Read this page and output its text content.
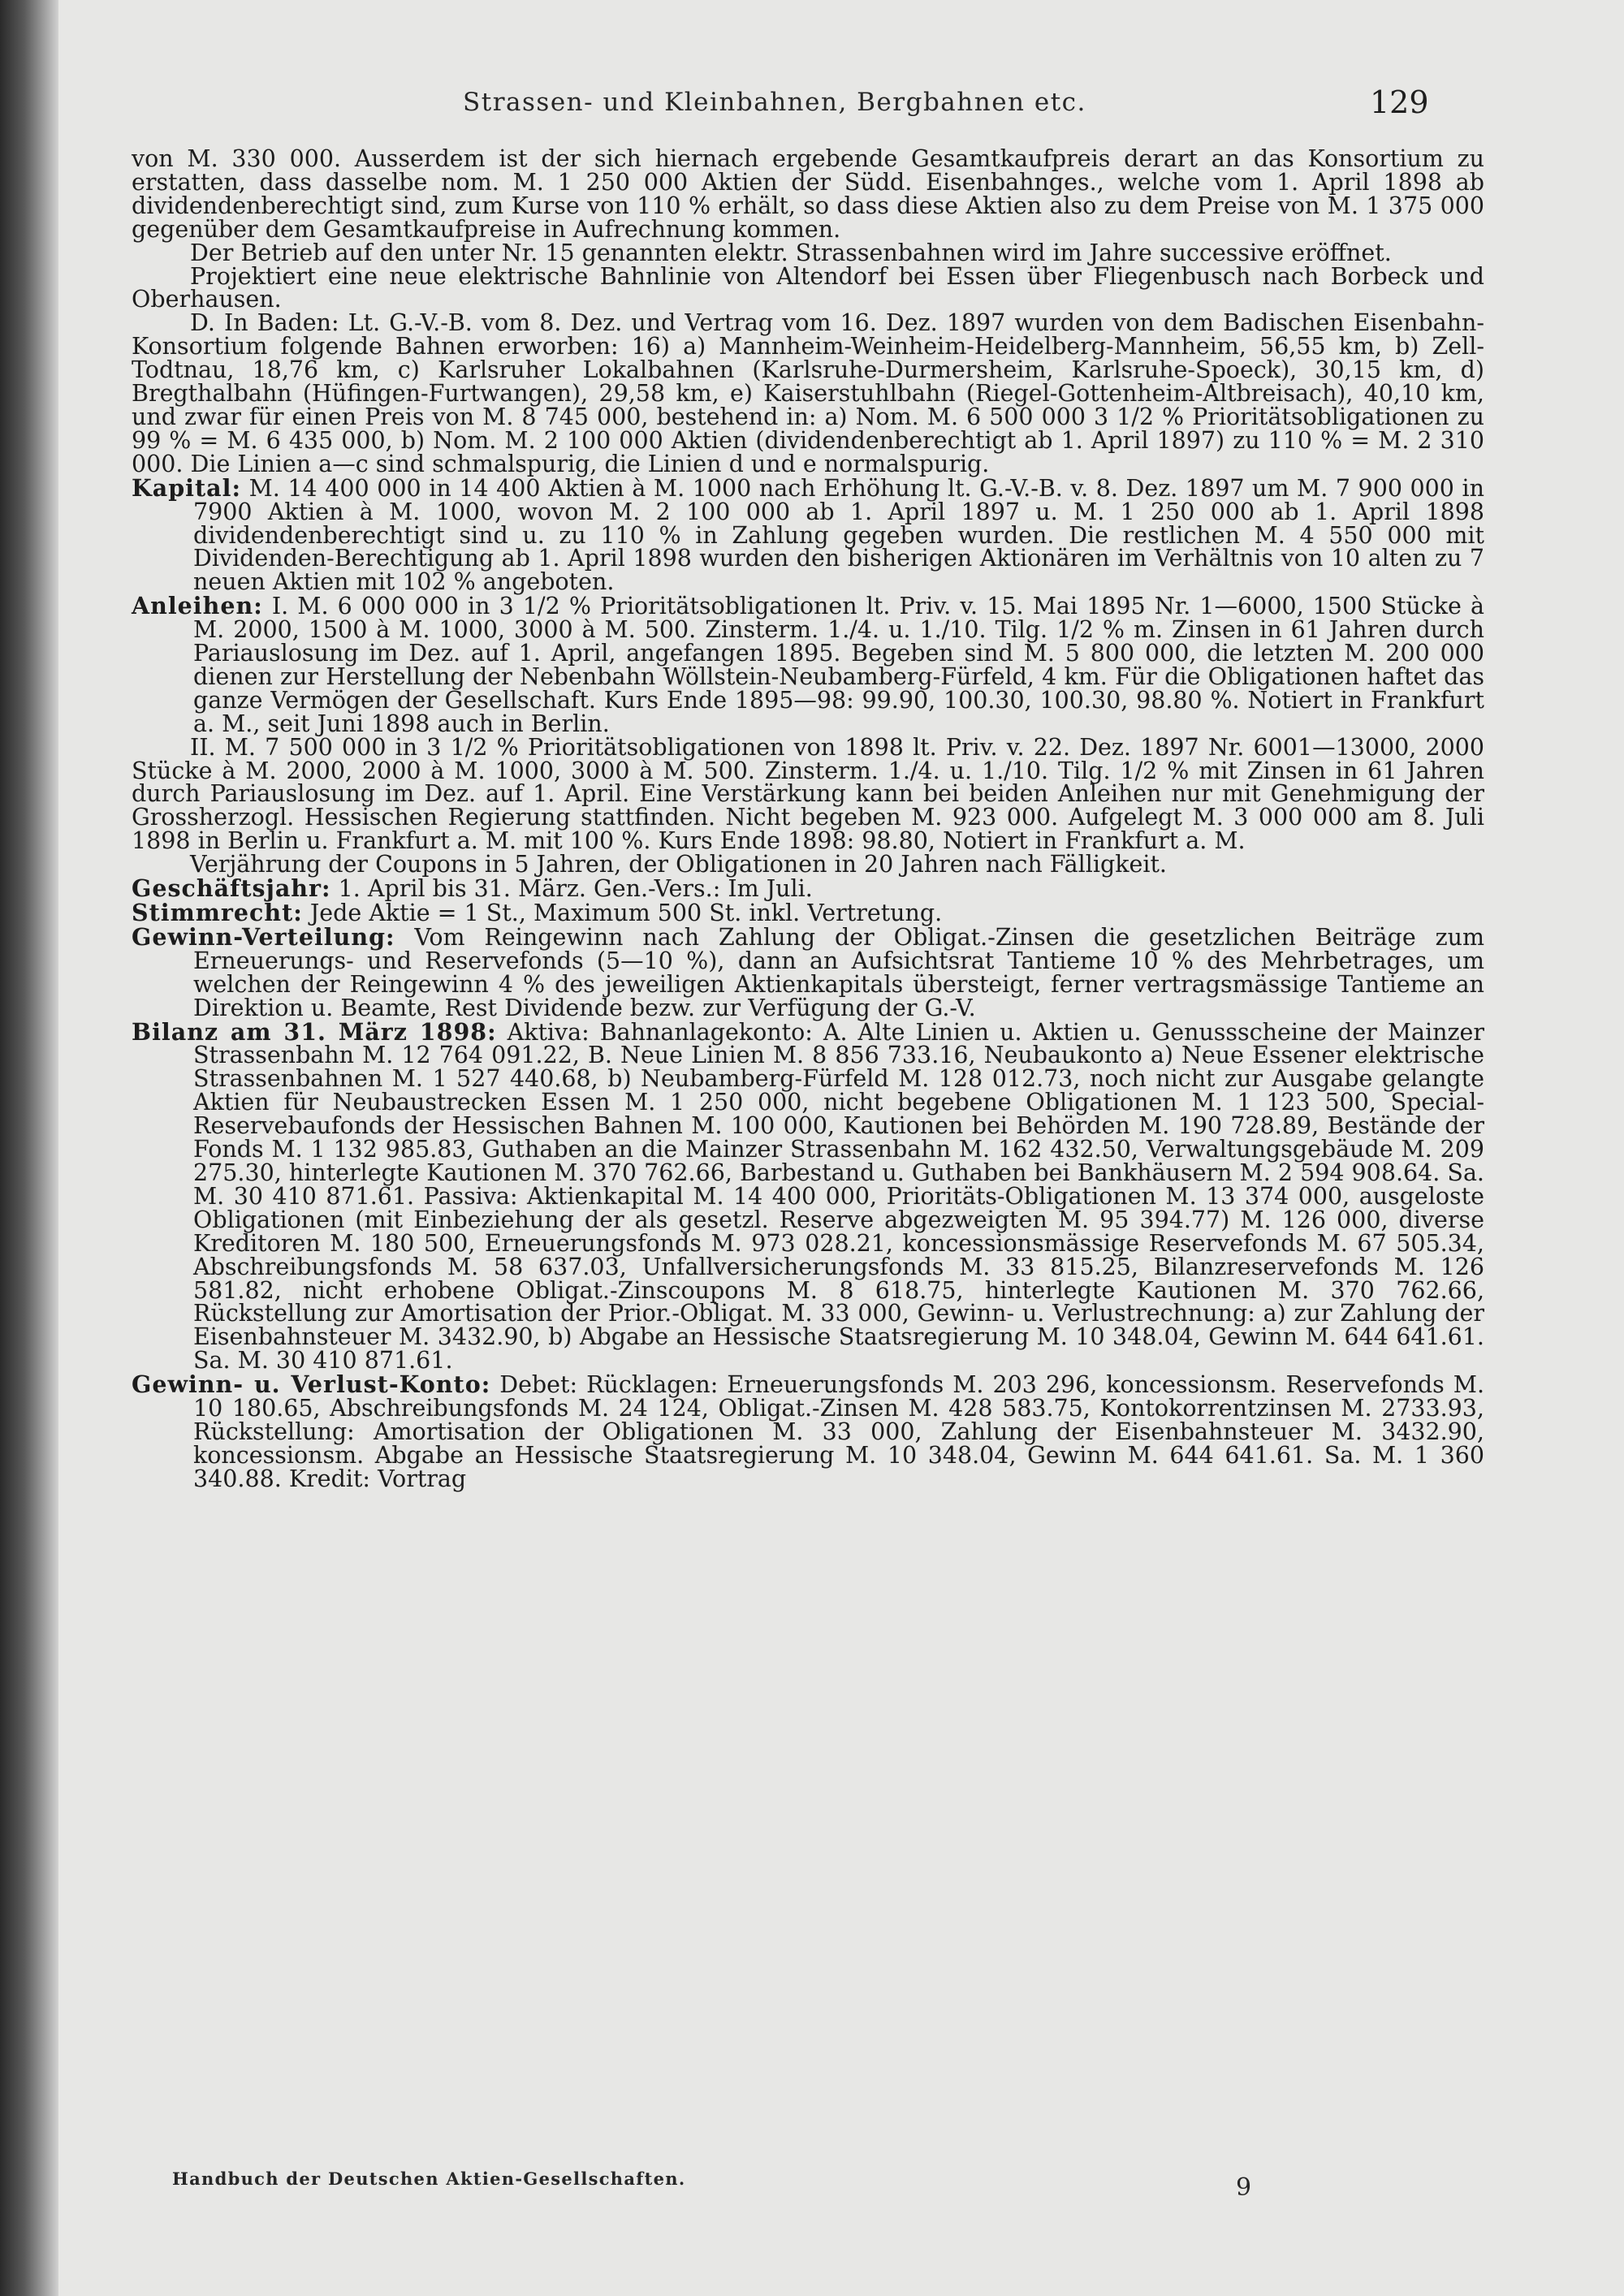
Strassen- und Kleinbahnen, Bergbahnen etc.	129

von M. 330 000. Ausserdem ist der sich hiernach ergebende Gesamtkaufpreis derart an das Konsortium zu erstatten, dass dasselbe nom. M. 1 250 000 Aktien der Südd. Eisenbahnges., welche vom 1. April 1898 ab dividendenberechtigt sind, zum Kurse von 110 % erhält, so dass diese Aktien also zu dem Preise von M. 1 375 000 gegenüber dem Gesamtkaufpreise in Aufrechnung kommen.

Der Betrieb auf den unter Nr. 15 genannten elektr. Strassenbahnen wird im Jahre successive eröffnet.

Projektiert eine neue elektrische Bahnlinie von Altendorf bei Essen über Fliegenbusch nach Borbeck und Oberhausen.

D. In Baden: Lt. G.-V.-B. vom 8. Dez. und Vertrag vom 16. Dez. 1897 wurden von dem Badischen Eisenbahn-Konsortium folgende Bahnen erworben: 16) a) Mannheim-Weinheim-Heidelberg-Mannheim, 56,55 km, b) Zell-Todtnau, 18,76 km, c) Karlsruher Lokalbahnen (Karlsruhe-Durmersheim, Karlsruhe-Spoeck), 30,15 km, d) Bregthalbahn (Hüfingen-Furtwangen), 29,58 km, e) Kaiserstuhlbahn (Riegel-Gottenheim-Altbreisach), 40,10 km, und zwar für einen Preis von M. 8 745 000, bestehend in: a) Nom. M. 6 500 000 3 1/2 % Prioritätsobligationen zu 99 % = M. 6 435 000, b) Nom. M. 2 100 000 Aktien (dividendenberechtigt ab 1. April 1897) zu 110 % = M. 2 310 000. Die Linien a—c sind schmalspurig, die Linien d und e normalspurig.

Kapital: M. 14 400 000 in 14 400 Aktien à M. 1000 nach Erhöhung lt. G.-V.-B. v. 8. Dez. 1897 um M. 7 900 000 in 7900 Aktien à M. 1000, wovon M. 2 100 000 ab 1. April 1897 u. M. 1 250 000 ab 1. April 1898 dividendenberechtigt sind u. zu 110 % in Zahlung gegeben wurden. Die restlichen M. 4 550 000 mit Dividenden-Berechtigung ab 1. April 1898 wurden den bisherigen Aktionären im Verhältnis von 10 alten zu 7 neuen Aktien mit 102 % angeboten.

Anleihen: I. M. 6 000 000 in 3 1/2 % Prioritätsobligationen lt. Priv. v. 15. Mai 1895 Nr. 1—6000, 1500 Stücke à M. 2000, 1500 à M. 1000, 3000 à M. 500. Zinsterm. 1./4. u. 1./10. Tilg. 1/2 % m. Zinsen in 61 Jahren durch Pariauslosung im Dez. auf 1. April, angefangen 1895. Begeben sind M. 5 800 000, die letzten M. 200 000 dienen zur Herstellung der Nebenbahn Wöllstein-Neubamberg-Fürfeld, 4 km. Für die Obligationen haftet das ganze Vermögen der Gesellschaft. Kurs Ende 1895—98: 99.90, 100.30, 100.30, 98.80 %. Notiert in Frankfurt a. M., seit Juni 1898 auch in Berlin.

II. M. 7 500 000 in 3 1/2 % Prioritätsobligationen von 1898 lt. Priv. v. 22. Dez. 1897 Nr. 6001—13000, 2000 Stücke à M. 2000, 2000 à M. 1000, 3000 à M. 500. Zinsterm. 1./4. u. 1./10. Tilg. 1/2 % mit Zinsen in 61 Jahren durch Pariauslosung im Dez. auf 1. April. Eine Verstärkung kann bei beiden Anleihen nur mit Genehmigung der Grossherzogl. Hessischen Regierung stattfinden. Nicht begeben M. 923 000. Aufgelegt M. 3 000 000 am 8. Juli 1898 in Berlin u. Frankfurt a. M. mit 100 %. Kurs Ende 1898: 98.80, Notiert in Frankfurt a. M.

Verjährung der Coupons in 5 Jahren, der Obligationen in 20 Jahren nach Fälligkeit.

Geschäftsjahr: 1. April bis 31. März. Gen.-Vers.: Im Juli.

Stimmrecht: Jede Aktie = 1 St., Maximum 500 St. inkl. Vertretung.

Gewinn-Verteilung: Vom Reingewinn nach Zahlung der Obligat.-Zinsen die gesetzlichen Beiträge zum Erneuerungs- und Reservefonds (5—10 %), dann an Aufsichtsrat Tantieme 10 % des Mehrbetrages, um welchen der Reingewinn 4 % des jeweiligen Aktienkapitals übersteigt, ferner vertragsmässige Tantieme an Direktion u. Beamte, Rest Dividende bezw. zur Verfügung der G.-V.

Bilanz am 31. März 1898: Aktiva: Bahnanlagekonto: A. Alte Linien u. Aktien u. Genussscheine der Mainzer Strassenbahn M. 12 764 091.22, B. Neue Linien M. 8 856 733.16, Neubaukonto a) Neue Essener elektrische Strassenbahnen M. 1 527 440.68, b) Neubamberg-Fürfeld M. 128 012.73, noch nicht zur Ausgabe gelangte Aktien für Neubaustrecken Essen M. 1 250 000, nicht begebene Obligationen M. 1 123 500, Special-Reservebaufonds der Hessischen Bahnen M. 100 000, Kautionen bei Behörden M. 190 728.89, Bestände der Fonds M. 1 132 985.83, Guthaben an die Mainzer Strassenbahn M. 162 432.50, Verwaltungsgebäude M. 209 275.30, hinterlegte Kautionen M. 370 762.66, Barbestand u. Guthaben bei Bankhäusern M. 2 594 908.64. Sa. M. 30 410 871.61. Passiva: Aktienkapital M. 14 400 000, Prioritäts-Obligationen M. 13 374 000, ausgeloste Obligationen (mit Einbeziehung der als gesetzl. Reserve abgezweigten M. 95 394.77) M. 126 000, diverse Kreditoren M. 180 500, Erneuerungsfonds M. 973 028.21, koncessionsmässige Reservefonds M. 67 505.34, Abschreibungsfonds M. 58 637.03, Unfallversicherungsfonds M. 33 815.25, Bilanzreservefonds M. 126 581.82, nicht erhobene Obligat.-Zinscoupons M. 8 618.75, hinterlegte Kautionen M. 370 762.66, Rückstellung zur Amortisation der Prior.-Obligat. M. 33 000, Gewinn- u. Verlustrechnung: a) zur Zahlung der Eisenbahnsteuer M. 3432.90, b) Abgabe an Hessische Staatsregierung M. 10 348.04, Gewinn M. 644 641.61. Sa. M. 30 410 871.61.

Gewinn- u. Verlust-Konto: Debet: Rücklagen: Erneuerungsfonds M. 203 296, koncessionsm. Reservefonds M. 10 180.65, Abschreibungsfonds M. 24 124, Obligat.-Zinsen M. 428 583.75, Kontokorrentzinsen M. 2733.93, Rückstellung: Amortisation der Obligationen M. 33 000, Zahlung der Eisenbahnsteuer M. 3432.90, koncessionsm. Abgabe an Hessische Staatsregierung M. 10 348.04, Gewinn M. 644 641.61. Sa. M. 1 360 340.88. Kredit: Vortrag

Handbuch der Deutschen Aktien-Gesellschaften.	9
